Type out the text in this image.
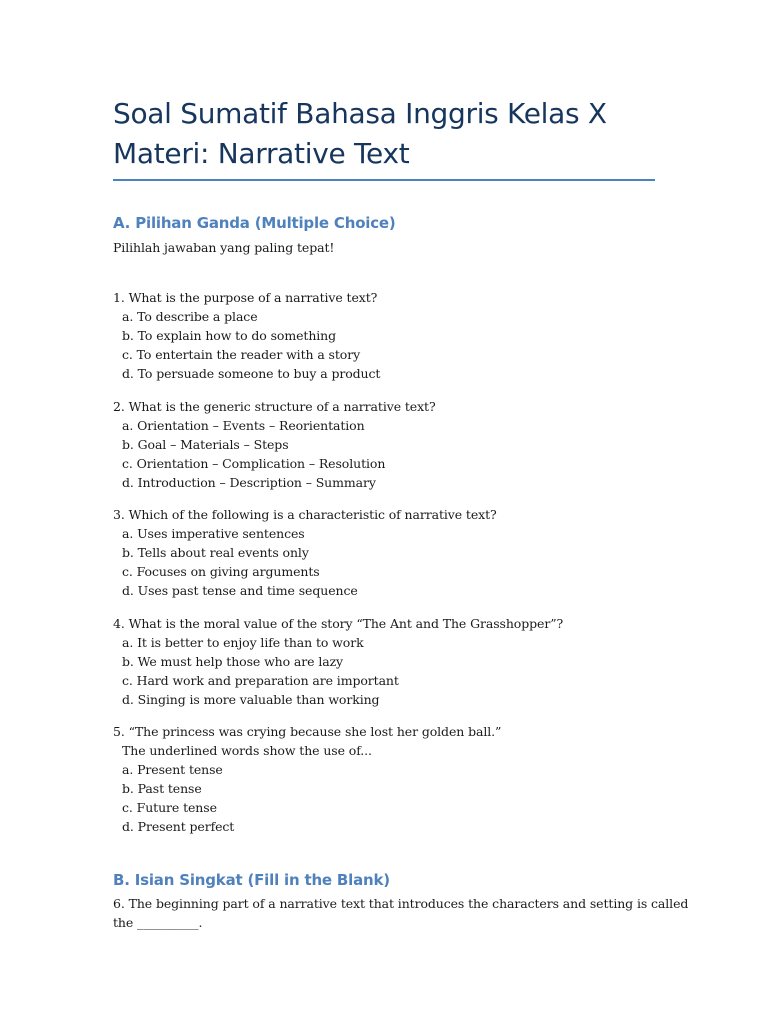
Soal Sumatif Bahasa Inggris Kelas X
Materi: Narrative Text
A. Pilihan Ganda (Multiple Choice)
Pilihlah jawaban yang paling tepat!
1. What is the purpose of a narrative text?
a. To describe a place
b. To explain how to do something
c. To entertain the reader with a story
d. To persuade someone to buy a product
2. What is the generic structure of a narrative text?
a. Orientation – Events – Reorientation
b. Goal – Materials – Steps
c. Orientation – Complication – Resolution
d. Introduction – Description – Summary
3. Which of the following is a characteristic of narrative text?
a. Uses imperative sentences
b. Tells about real events only
c. Focuses on giving arguments
d. Uses past tense and time sequence
4. What is the moral value of the story “The Ant and The Grasshopper”?
a. It is better to enjoy life than to work
b. We must help those who are lazy
c. Hard work and preparation are important
d. Singing is more valuable than working
5. “The princess was crying because she lost her golden ball.”
The underlined words show the use of...
a. Present tense
b. Past tense
c. Future tense
d. Present perfect
B. Isian Singkat (Fill in the Blank)
6. The beginning part of a narrative text that introduces the characters and setting is called
the __________.
